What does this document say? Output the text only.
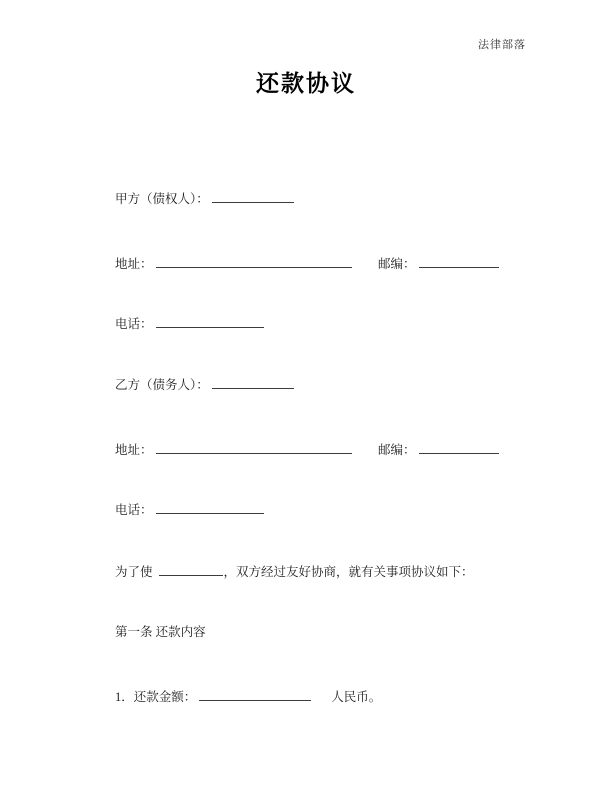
法律部落
还款协议
甲方（债权人）：
地址：	邮编：
电话：
乙方（债务人）：
地址：	邮编：
电话：
为了使	，双方经过友好协商，就有关事项协议如下：
第一条 还款内容
1．还款金额：	人民币。
